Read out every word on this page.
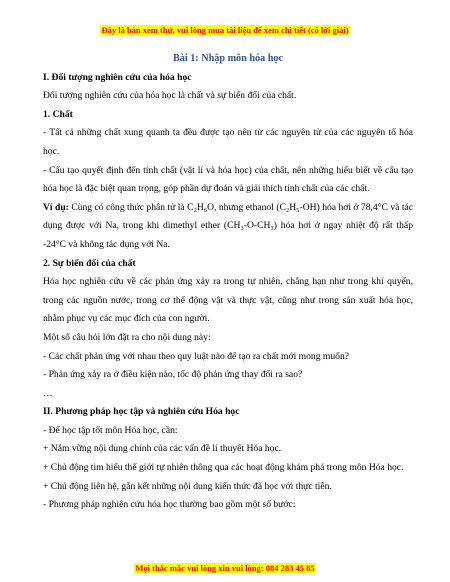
Đây là bản xem thử, vui lòng mua tài liệu để xem chi tiết (có lời giải)

Bài 1: Nhập môn hóa học

I. Đối tượng nghiên cứu của hóa học

Đối tượng nghiên cứu của hóa học là chất và sự biến đổi của chất.

1. Chất

- Tất cả những chất xung quanh ta đều được tạo nên từ các nguyên tử của các nguyên tố hóa học.

- Cấu tạo quyết định đến tính chất (vật lí và hóa học) của chất, nên những hiểu biết về cấu tạo hóa học là đặc biệt quan trọng, góp phần dự đoán và giải thích tính chất của các chất.

Ví dụ: Cùng có công thức phân tử là C₂H₆O, nhưng ethanol (C₂H₅-OH) hóa hơi ở 78,4°C và tác dụng được với Na, trong khi dimethyl ether (CH₃-O-CH₃) hóa hơi ở ngay nhiệt độ rất thấp -24°C và không tác dụng với Na.

2. Sự biến đổi của chất

Hóa học nghiên cứu về các phản ứng xảy ra trong tự nhiên, chẳng hạn như trong khí quyển, trong các nguồn nước, trong cơ thể động vật và thực vật, cũng như trong sản xuất hóa học, nhằm phục vụ các mục đích của con người.

Một số câu hỏi lớn đặt ra cho nội dung này:

- Các chất phản ứng với nhau theo quy luật nào để tạo ra chất mới mong muốn?

- Phản ứng xảy ra ở điều kiện nào, tốc độ phản ứng thay đổi ra sao?

…

II. Phương pháp học tập và nghiên cứu Hóa học

- Để học tập tốt môn Hóa học, cần:

+ Nắm vững nội dung chính của các vấn đề lí thuyết Hóa học.

+ Chủ động tìm hiểu thế giới tự nhiên thông qua các hoạt động khám phá trong môn Hóa học.

+ Chủ động liên hệ, gắn kết những nội dung kiến thức đã học với thực tiễn.

- Phương pháp nghiên cứu hóa học thường bao gồm một số bước:

Mọi thắc mắc vui lòng xin vui lòng: 084 283 45 85
